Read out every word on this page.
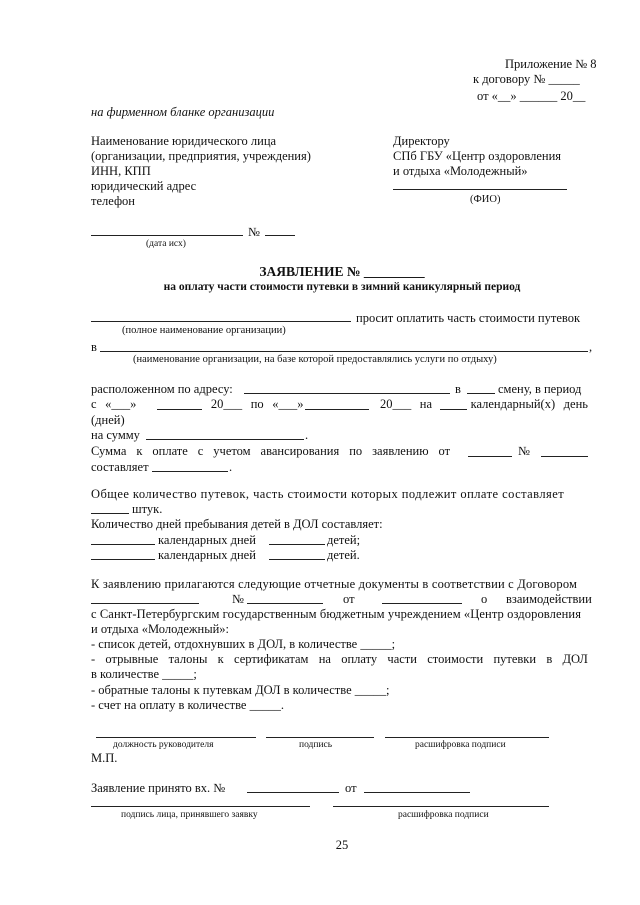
Приложение № 8
к договору № _____
от «__» ______ 20__
на фирменном бланке организации
Наименование юридического лица
(организации, предприятия, учреждения)
ИНН, КПП
юридический адрес
телефон
Директору
СПб ГБУ «Центр оздоровления
и отдыха «Молодежный»
(ФИО)
№
(дата исх)
ЗАЯВЛЕНИЕ № _________
на оплату части стоимости путевки в зимний каникулярный период
просит оплатить часть стоимости путевок
(полное наименование организации)
в	,
(наименование организации, на базе которой предоставлялись услуги по отдыху)
расположенном по адресу:	в	смену, в период
с «___»	20___ по «___»	20___ на	календарный(х) день
(дней)
на сумму	.
Сумма к оплате с учетом авансирования по заявлению от	№
составляет	.
Общее количество путевок, часть стоимости которых подлежит оплате составляет
штук.
Количество дней пребывания детей в ДОЛ составляет:
календарных дней	детей;
календарных дней	детей.
К заявлению прилагаются следующие отчетные документы в соответствии с Договором
№	от	о взаимодействии
с Санкт-Петербургским государственным бюджетным учреждением «Центр оздоровления
и отдыха «Молодежный»:
- список детей, отдохнувших в ДОЛ, в количестве _____;
- отрывные талоны к сертификатам на оплату части стоимости путевки в ДОЛ
в количестве _____;
- обратные талоны к путевкам ДОЛ в количестве _____;
- счет на оплату в количестве _____.
должность руководителя	подпись	расшифровка подписи
М.П.
Заявление принято вх. №	от
подпись лица, принявшего заявку	расшифровка подписи
25
